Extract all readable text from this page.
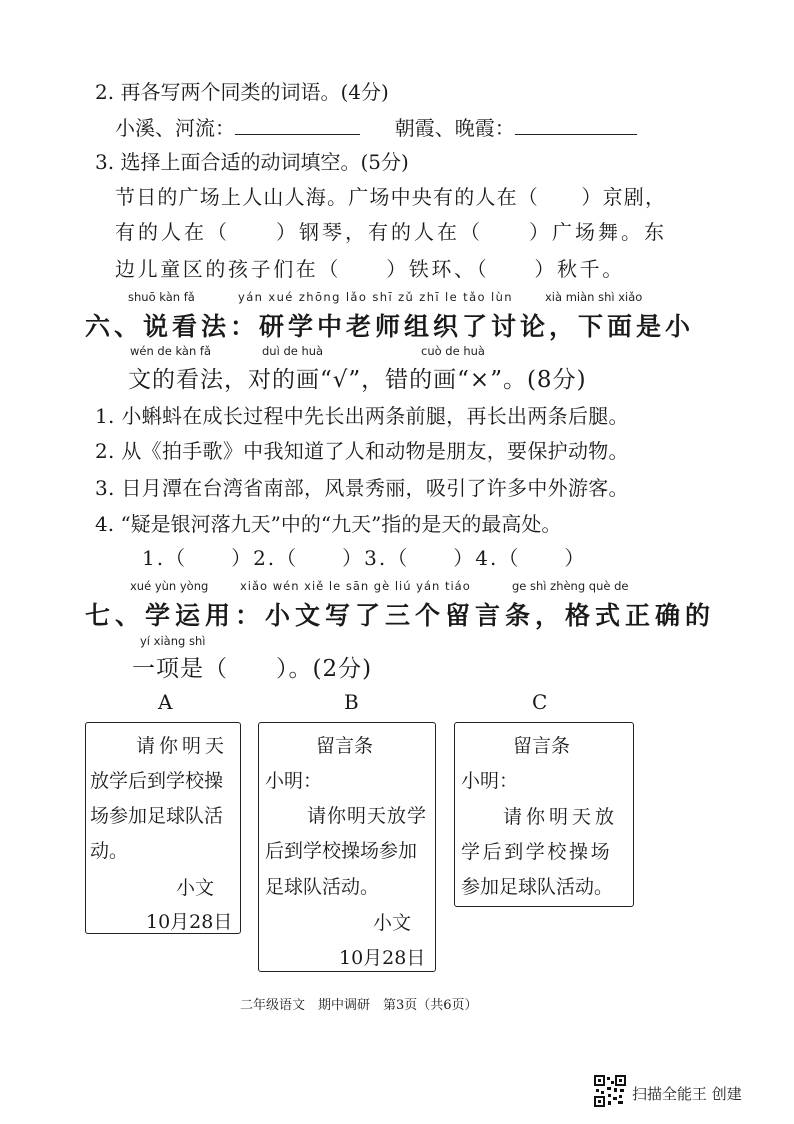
2. 再各写两个同类的词语。(4分)
小溪、河流：	朝霞、晚霞：
3. 选择上面合适的动词填空。(5分)
节日的广场上人山人海。广场中央有的人在（　　）京剧，
有的人在（　　）钢琴，有的人在（　　）广场舞。东
边儿童区的孩子们在（　　）铁环、（　　）秋千。
shuō kàn fǎ	yán xué zhōng lǎo shī zǔ zhī le tǎo lùn	xià miàn shì xiǎo
六、说看法：研学中老师组织了讨论，下面是小
wén de kàn fǎ	duì de huà	cuò de huà
文的看法，对的画“√”，错的画“×”。(8分)
1. 小蝌蚪在成长过程中先长出两条前腿，再长出两条后腿。
2. 从《拍手歌》中我知道了人和动物是朋友，要保护动物。
3. 日月潭在台湾省南部，风景秀丽，吸引了许多中外游客。
4. “疑是银河落九天”中的“九天”指的是天的最高处。
1.（　　）2.（　　）3.（　　）4.（　　）
xué yùn yòng	xiǎo wén xiě le sān gè liú yán tiáo	ge shì zhèng què de
七、学运用：小文写了三个留言条，格式正确的
yí xiàng shì
一项是（　　）。(2分)
A	B	C
请你明天
放学后到学校操
场参加足球队活
动。
小文
10月28日
留言条
小明：
请你明天放学
后到学校操场参加
足球队活动。
小文
10月28日
留言条
小明：
请你明天放
学后到学校操场
参加足球队活动。
二年级语文　期中调研　第3页（共6页）
扫描全能王 创建
